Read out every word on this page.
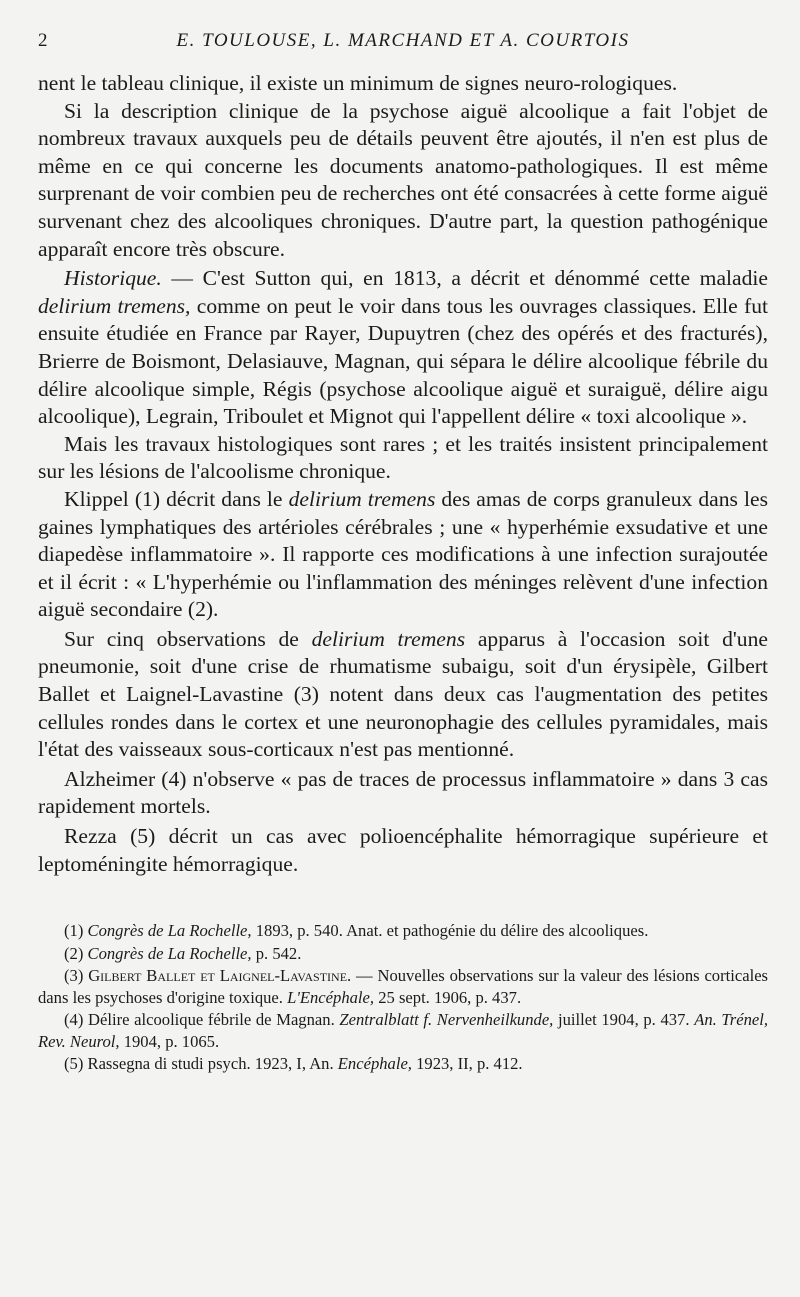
2	E. TOULOUSE, L. MARCHAND ET A. COURTOIS

nent le tableau clinique, il existe un minimum de signes neuro-rologiques.

Si la description clinique de la psychose aiguë alcoolique a fait l'objet de nombreux travaux auxquels peu de détails peuvent être ajoutés, il n'en est plus de même en ce qui concerne les documents anatomo-pathologiques. Il est même surprenant de voir combien peu de recherches ont été consacrées à cette forme aiguë survenant chez des alcooliques chroniques. D'autre part, la question pathogénique apparaît encore très obscure.

Historique. — C'est Sutton qui, en 1813, a décrit et dénommé cette maladie delirium tremens, comme on peut le voir dans tous les ouvrages classiques. Elle fut ensuite étudiée en France par Rayer, Dupuytren (chez des opérés et des fracturés), Brierre de Boismont, Delasiauve, Magnan, qui sépara le délire alcoolique fébrile du délire alcoolique simple, Régis (psychose alcoolique aiguë et suraiguë, délire aigu alcoolique), Legrain, Triboulet et Mignot qui l'appellent délire « toxi alcoolique ».

Mais les travaux histologiques sont rares ; et les traités insistent principalement sur les lésions de l'alcoolisme chronique.

Klippel (1) décrit dans le delirium tremens des amas de corps granuleux dans les gaines lymphatiques des artérioles cérébrales ; une « hyperhémie exsudative et une diapedèse inflammatoire ». Il rapporte ces modifications à une infection surajoutée et il écrit : « L'hyperhémie ou l'inflammation des méninges relèvent d'une infection aiguë secondaire (2).

Sur cinq observations de delirium tremens apparus à l'occasion soit d'une pneumonie, soit d'une crise de rhumatisme subaigu, soit d'un érysipèle, Gilbert Ballet et Laignel-Lavastine (3) notent dans deux cas l'augmentation des petites cellules rondes dans le cortex et une neuronophagie des cellules pyramidales, mais l'état des vaisseaux sous-corticaux n'est pas mentionné.

Alzheimer (4) n'observe « pas de traces de processus inflammatoire » dans 3 cas rapidement mortels.

Rezza (5) décrit un cas avec polioencéphalite hémorragique supérieure et leptoméningite hémorragique.

(1) Congrès de La Rochelle, 1893, p. 540. Anat. et pathogénie du délire des alcooliques.

(2) Congrès de La Rochelle, p. 542.

(3) Gilbert Ballet et Laignel-Lavastine. — Nouvelles observations sur la valeur des lésions corticales dans les psychoses d'origine toxique. L'Encéphale, 25 sept. 1906, p. 437.

(4) Délire alcoolique fébrile de Magnan. Zentralblatt f. Nervenheilkunde, juillet 1904, p. 437. An. Trénel, Rev. Neurol, 1904, p. 1065.

(5) Rassegna di studi psych. 1923, I, An. Encéphale, 1923, II, p. 412.
